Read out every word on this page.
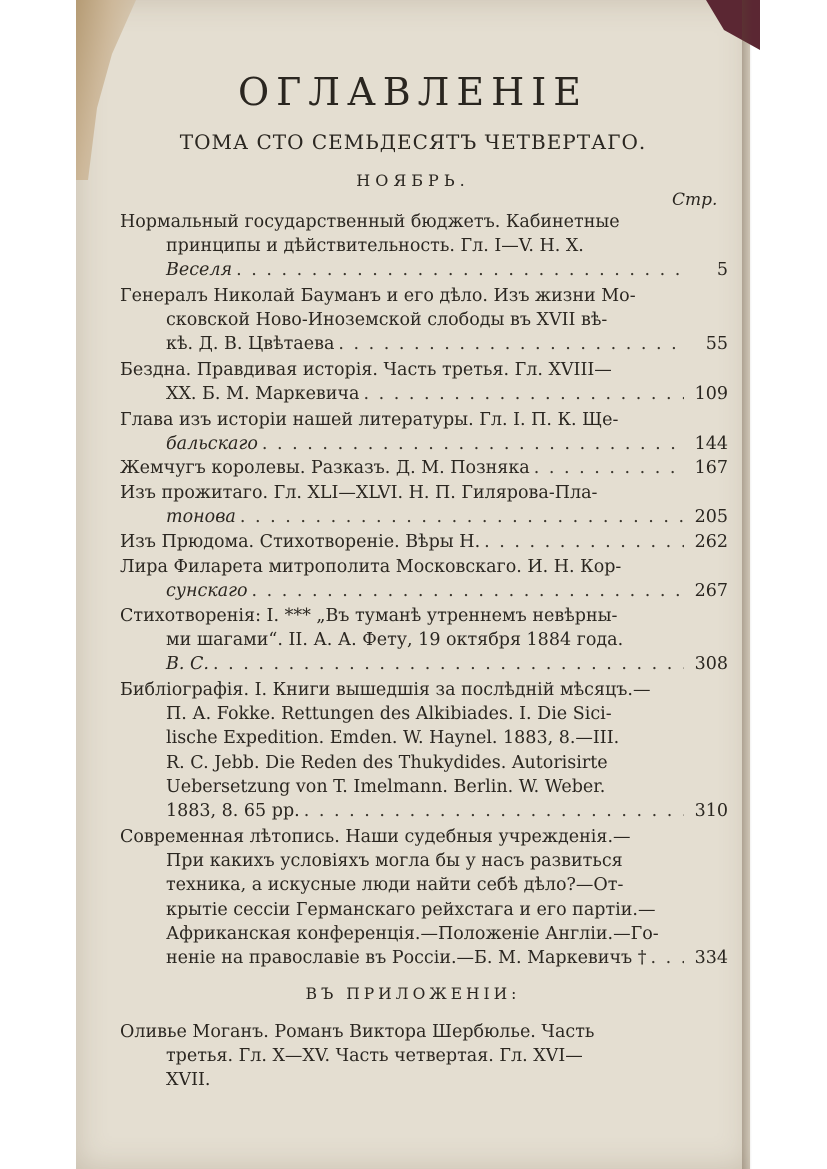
ОГЛАВЛЕНІЕ
ТОМА СТО СЕМЬДЕСЯТЪ ЧЕТВЕРТАГО.
НОЯБРЬ.
Стр.
Нормальный государственный бюджетъ. Кабинетные
принципы и дѣйствительность. Гл. I—V. Н. Х.
Веселя . . .	5
Генералъ Николай Бауманъ и его дѣло. Изъ жизни Мо-
сковской Ново-Иноземской слободы въ XVII вѣ-
кѣ. Д. В. Цвѣтаева . . .	55
Бездна. Правдивая исторія. Часть третья. Гл. XVIII—
XX. Б. М. Маркевича . . .	109
Глава изъ исторіи нашей литературы. Гл. I. П. К. Ще-
бальскаго . . .	144
Жемчугъ королевы. Разказъ. Д. М. Позняка . . .	167
Изъ прожитаго. Гл. XLI—XLVI. Н. П. Гилярова-Пла-
тонова . . .	205
Изъ Прюдома. Стихотвореніе. Вѣры Н. . . .	262
Лира Филарета митрополита Московскаго. И. Н. Кор-
сунскаго . . .	267
Стихотворенія: I. *** „Въ туманѣ утреннемъ невѣрны-
ми шагами“. II. А. А. Фету, 19 октября 1884 года.
В. С. . . .	308
Библіографія. I. Книги вышедшія за послѣдній мѣсяцъ.—
П. А. Fokke. Rettungen des Alkibiades. I. Die Sici-
lische Expedition. Emden. W. Haynel. 1883, 8.—III.
R. C. Jebb. Die Reden des Thukydides. Autorisirte
Uebersetzung von T. Imelmann. Berlin. W. Weber.
1883, 8. 65 pp. . . .	310
Современная лѣтопись. Наши судебныя учрежденія.—
При какихъ условіяхъ могла бы у насъ развиться
техника, а искусные люди найти себѣ дѣло?—От-
крытіе сессіи Германскаго рейхстага и его партіи.—
Африканская конференція.—Положеніе Англіи.—Го-
неніе на православіе въ Россіи.—Б. М. Маркевичъ † . . .	334
ВЪ ПРИЛОЖЕНІИ:
Оливье Моганъ. Романъ Виктора Шербюлье. Часть
третья. Гл. X—XV. Часть четвертая. Гл. XVI—
XVII.
